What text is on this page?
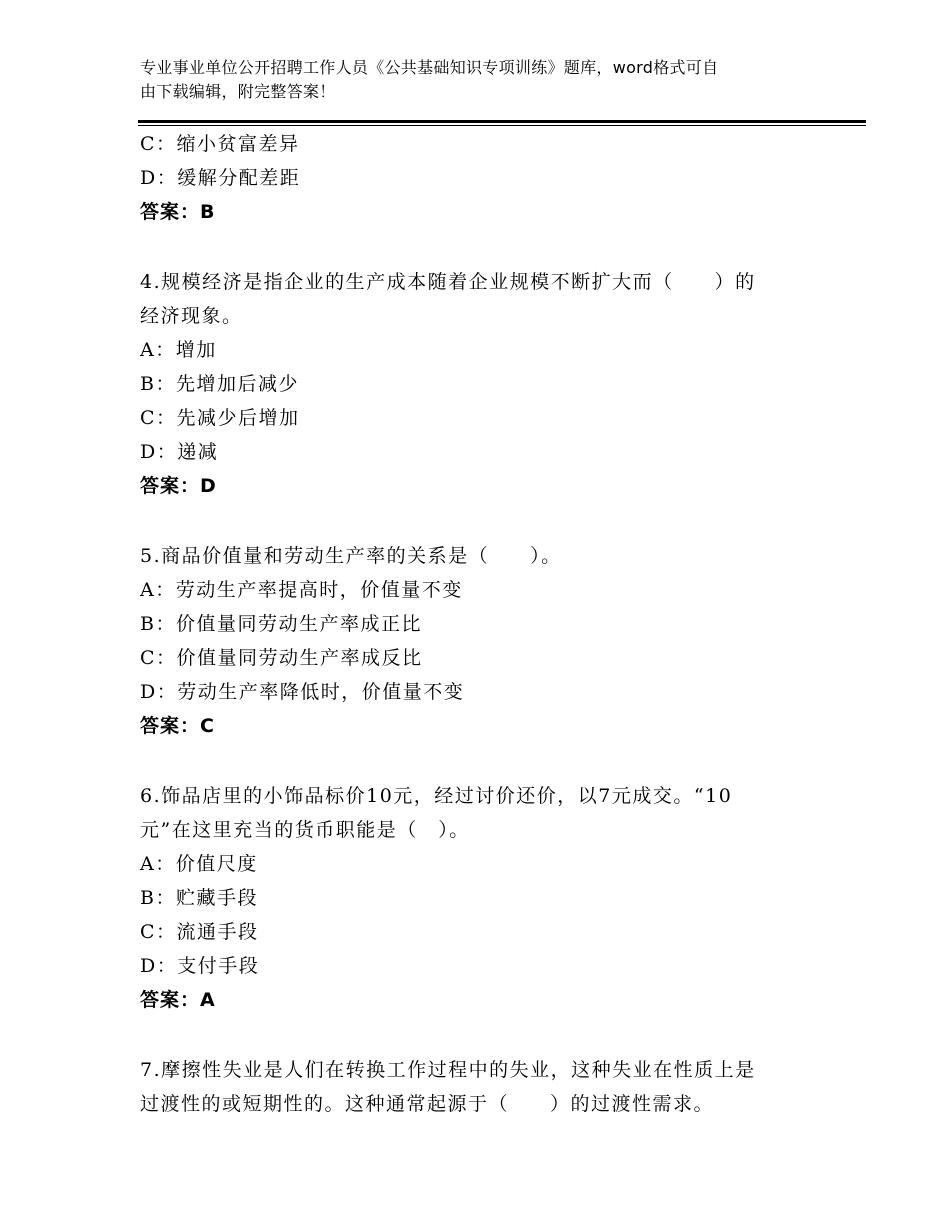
专业事业单位公开招聘工作人员《公共基础知识专项训练》题库，word格式可自
由下载编辑，附完整答案！
C：缩小贫富差异
D：缓解分配差距
答案：B
4.规模经济是指企业的生产成本随着企业规模不断扩大而（　　）的
经济现象。
A：增加
B：先增加后减少
C：先减少后增加
D：递减
答案：D
5.商品价值量和劳动生产率的关系是（　　）。
A：劳动生产率提高时，价值量不变
B：价值量同劳动生产率成正比
C：价值量同劳动生产率成反比
D：劳动生产率降低时，价值量不变
答案：C
6.饰品店里的小饰品标价10元，经过讨价还价，以7元成交。“10
元”在这里充当的货币职能是（　）。
A：价值尺度
B：贮藏手段
C：流通手段
D：支付手段
答案：A
7.摩擦性失业是人们在转换工作过程中的失业，这种失业在性质上是
过渡性的或短期性的。这种通常起源于（　　）的过渡性需求。
